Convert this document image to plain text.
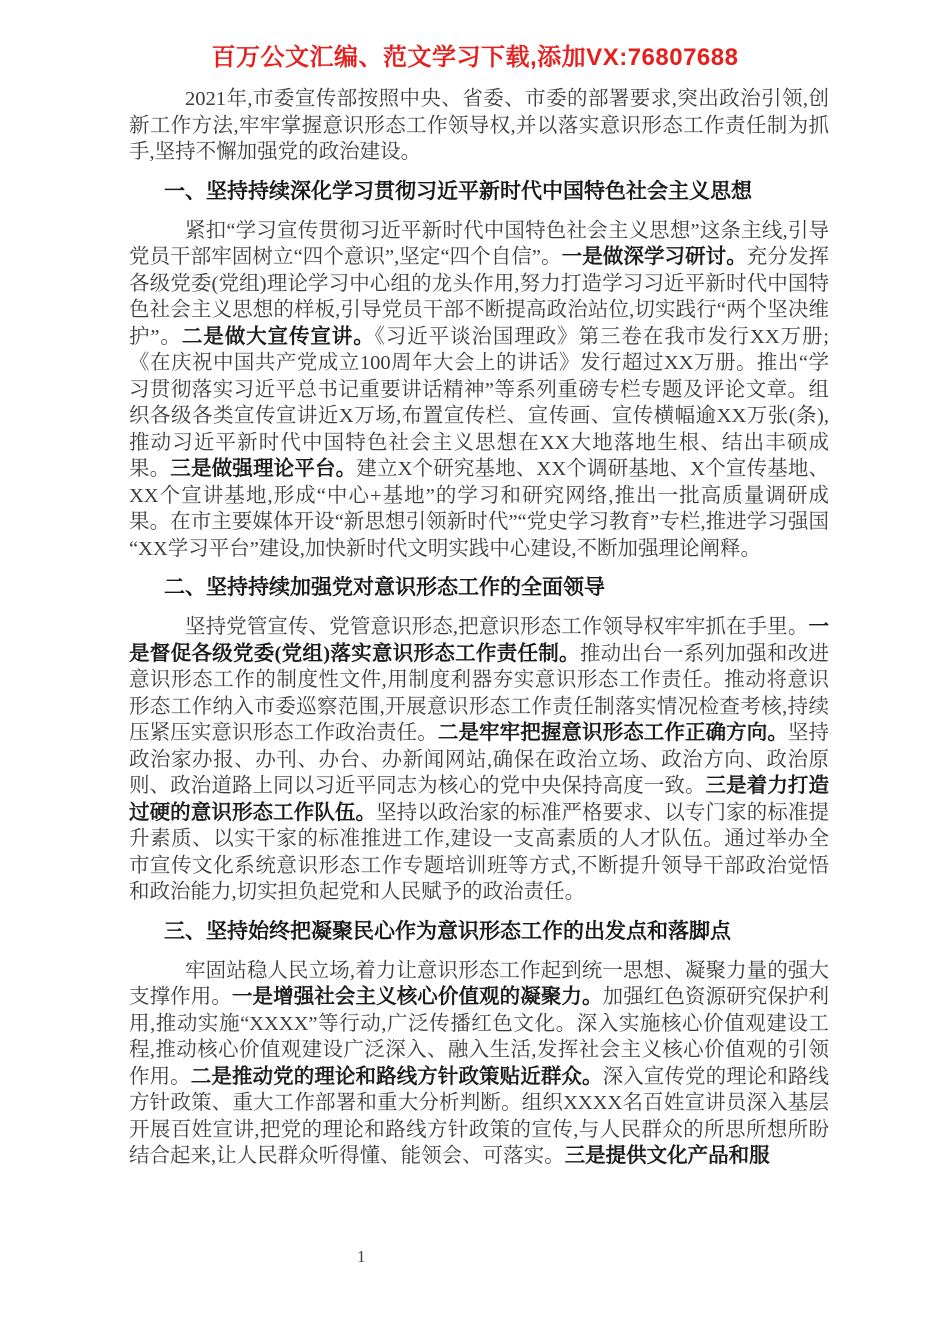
百万公文汇编、范文学习下载,添加VX:76807688

2021年,市委宣传部按照中央、省委、市委的部署要求,突出政治引领,创新工作方法,牢牢掌握意识形态工作领导权,并以落实意识形态工作责任制为抓手,坚持不懈加强党的政治建设。

一、坚持持续深化学习贯彻习近平新时代中国特色社会主义思想

紧扣“学习宣传贯彻习近平新时代中国特色社会主义思想”这条主线,引导党员干部牢固树立“四个意识”,坚定“四个自信”。一是做深学习研讨。充分发挥各级党委(党组)理论学习中心组的龙头作用,努力打造学习习近平新时代中国特色社会主义思想的样板,引导党员干部不断提高政治站位,切实践行“两个坚决维护”。二是做大宣传宣讲。《习近平谈治国理政》第三卷在我市发行XX万册;《在庆祝中国共产党成立100周年大会上的讲话》发行超过XX万册。推出“学习贯彻落实习近平总书记重要讲话精神”等系列重磅专栏专题及评论文章。组织各级各类宣传宣讲近X万场,布置宣传栏、宣传画、宣传横幅逾XX万张(条),推动习近平新时代中国特色社会主义思想在XX大地落地生根、结出丰硕成果。三是做强理论平台。建立X个研究基地、XX个调研基地、X个宣传基地、XX个宣讲基地,形成“中心+基地”的学习和研究网络,推出一批高质量调研成果。在市主要媒体开设“新思想引领新时代”“党史学习教育”专栏,推进学习强国“XX学习平台”建设,加快新时代文明实践中心建设,不断加强理论阐释。

二、坚持持续加强党对意识形态工作的全面领导

坚持党管宣传、党管意识形态,把意识形态工作领导权牢牢抓在手里。一是督促各级党委(党组)落实意识形态工作责任制。推动出台一系列加强和改进意识形态工作的制度性文件,用制度利器夯实意识形态工作责任。推动将意识形态工作纳入市委巡察范围,开展意识形态工作责任制落实情况检查考核,持续压紧压实意识形态工作政治责任。二是牢牢把握意识形态工作正确方向。坚持政治家办报、办刊、办台、办新闻网站,确保在政治立场、政治方向、政治原则、政治道路上同以习近平同志为核心的党中央保持高度一致。三是着力打造过硬的意识形态工作队伍。坚持以政治家的标准严格要求、以专门家的标准提升素质、以实干家的标准推进工作,建设一支高素质的人才队伍。通过举办全市宣传文化系统意识形态工作专题培训班等方式,不断提升领导干部政治觉悟和政治能力,切实担负起党和人民赋予的政治责任。

三、坚持始终把凝聚民心作为意识形态工作的出发点和落脚点

牢固站稳人民立场,着力让意识形态工作起到统一思想、凝聚力量的强大支撑作用。一是增强社会主义核心价值观的凝聚力。加强红色资源研究保护利用,推动实施“XXXX”等行动,广泛传播红色文化。深入实施核心价值观建设工程,推动核心价值观建设广泛深入、融入生活,发挥社会主义核心价值观的引领作用。二是推动党的理论和路线方针政策贴近群众。深入宣传党的理论和路线方针政策、重大工作部署和重大分析判断。组织XXXX名百姓宣讲员深入基层开展百姓宣讲,把党的理论和路线方针政策的宣传,与人民群众的所思所想所盼结合起来,让人民群众听得懂、能领会、可落实。三是提供文化产品和服

1
